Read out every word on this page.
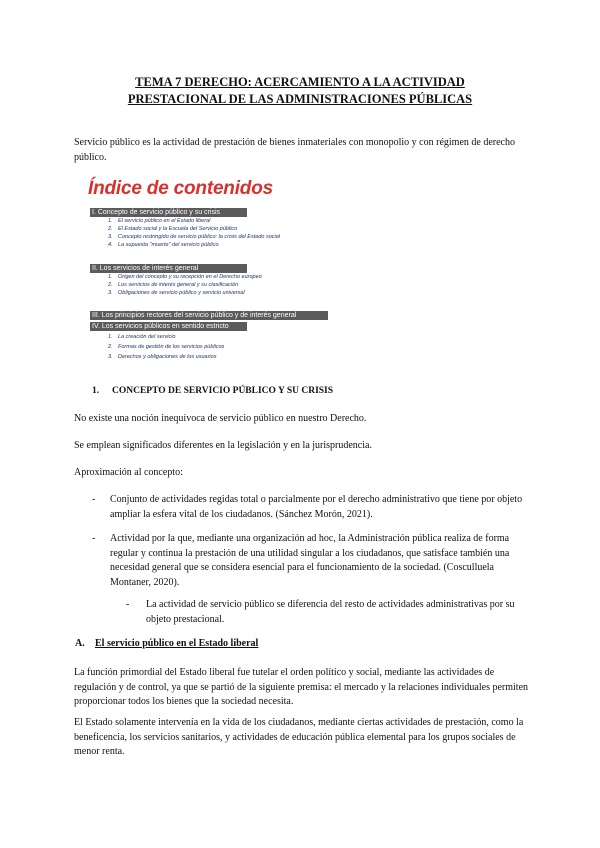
TEMA 7 DERECHO: ACERCAMIENTO A LA ACTIVIDAD
PRESTACIONAL DE LAS ADMINISTRACIONES PÚBLICAS
Servicio público es la actividad de prestación de bienes inmateriales con monopolio y con régimen de derecho público.
Índice de contenidos
I. Concepto de servicio público y su crisis
1. El servicio público en el Estado liberal
2. El Estado social y la Escuela del Servicio público
3. Concepto restringido de servicio público: la crisis del Estado social
4. La supuesta "muerte" del servicio público
II. Los servicios de interés general
1. Origen del concepto y su recepción en el Derecho europeo
2. Los servicios de interés general y su clasificación
3. Obligaciones de servicio público y servicio universal
III. Los principios rectores del servicio público y de interés general
IV. Los servicios públicos en sentido estricto
1. La creación del servicio
2. Formas de gestión de los servicios públicos
3. Derechos y obligaciones de los usuarios
1. CONCEPTO DE SERVICIO PÚBLICO Y SU CRISIS
No existe una noción inequívoca de servicio público en nuestro Derecho.
Se emplean significados diferentes en la legislación y en la jurisprudencia.
Aproximación al concepto:
- Conjunto de actividades regidas total o parcialmente por el derecho administrativo que tiene por objeto ampliar la esfera vital de los ciudadanos. (Sánchez Morón, 2021).
- Actividad por la que, mediante una organización ad hoc, la Administración pública realiza de forma regular y continua la prestación de una utilidad singular a los ciudadanos, que satisface también una necesidad general que se considera esencial para el funcionamiento de la sociedad. (Cosculluela Montaner, 2020).
- La actividad de servicio público se diferencia del resto de actividades administrativas por su objeto prestacional.
A. El servicio público en el Estado liberal
La función primordial del Estado liberal fue tutelar el orden político y social, mediante las actividades de regulación y de control, ya que se partió de la siguiente premisa: el mercado y la relaciones individuales permiten proporcionar todos los bienes que la sociedad necesita.
El Estado solamente intervenía en la vida de los ciudadanos, mediante ciertas actividades de prestación, como la beneficencia, los servicios sanitarios, y actividades de educación pública elemental para los grupos sociales de menor renta.
